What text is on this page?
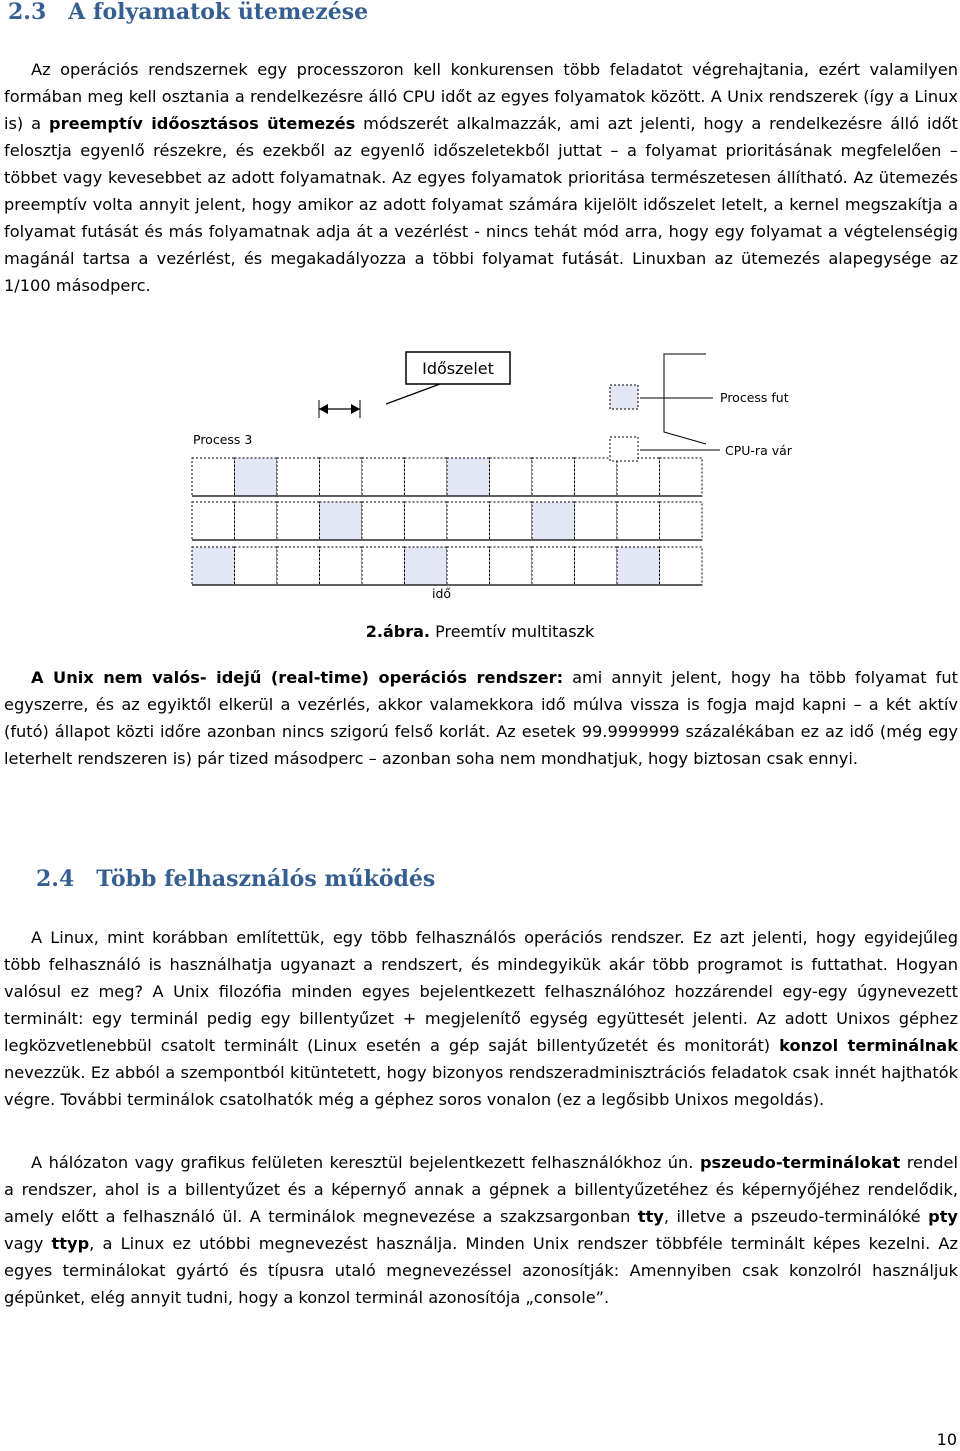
2.3 A folyamatok ütemezése

Az operációs rendszernek egy processzoron kell konkurensen több feladatot végrehajtania, ezért valamilyen formában meg kell osztania a rendelkezésre álló CPU időt az egyes folyamatok között. A Unix rendszerek (így a Linux is) a preemptív időosztásos ütemezés módszerét alkalmazzák, ami azt jelenti, hogy a rendelkezésre álló időt felosztja egyenlő részekre, és ezekből az egyenlő időszeletekből juttat – a folyamat prioritásának megfelelően – többet vagy kevesebbet az adott folyamatnak. Az egyes folyamatok prioritása természetesen állítható. Az ütemezés preemptív volta annyit jelent, hogy amikor az adott folyamat számára kijelölt időszelet letelt, a kernel megszakítja a folyamat futását és más folyamatnak adja át a vezérlést - nincs tehát mód arra, hogy egy folyamat a végtelenségig magánál tartsa a vezérlést, és megakadályozza a többi folyamat futását. Linuxban az ütemezés alapegysége az 1/100 másodperc.

Időszelet
Process 3
Process fut
CPU-ra vár
idő

2.ábra. Preemtív multitaszk

A Unix nem valós- idejű (real-time) operációs rendszer: ami annyit jelent, hogy ha több folyamat fut egyszerre, és az egyiktől elkerül a vezérlés, akkor valamekkora idő múlva vissza is fogja majd kapni – a két aktív (futó) állapot közti időre azonban nincs szigorú felső korlát. Az esetek 99.9999999 százalékában ez az idő (még egy leterhelt rendszeren is) pár tized másodperc – azonban soha nem mondhatjuk, hogy biztosan csak ennyi.

2.4 Több felhasználós működés

A Linux, mint korábban említettük, egy több felhasználós operációs rendszer. Ez azt jelenti, hogy egyidejűleg több felhasználó is használhatja ugyanazt a rendszert, és mindegyikük akár több programot is futtathat. Hogyan valósul ez meg? A Unix filozófia minden egyes bejelentkezett felhasználóhoz hozzárendel egy-egy úgynevezett terminált: egy terminál pedig egy billentyűzet + megjelenítő egység együttesét jelenti. Az adott Unixos géphez legközvetlenebbül csatolt terminált (Linux esetén a gép saját billentyűzetét és monitorát) konzol terminálnak nevezzük. Ez abból a szempontból kitüntetett, hogy bizonyos rendszeradminisztrációs feladatok csak innét hajthatók végre. További terminálok csatolhatók még a géphez soros vonalon (ez a legősibb Unixos megoldás).

A hálózaton vagy grafikus felületen keresztül bejelentkezett felhasználókhoz ún. pszeudo-terminálokat rendel a rendszer, ahol is a billentyűzet és a képernyő annak a gépnek a billentyűzetéhez és képernyőjéhez rendelődik, amely előtt a felhasználó ül. A terminálok megnevezése a szakzsargonban tty, illetve a pszeudo-terminálóké pty vagy ttyp, a Linux ez utóbbi megnevezést használja. Minden Unix rendszer többféle terminált képes kezelni. Az egyes terminálokat gyártó és típusra utaló megnevezéssel azonosítják: Amennyiben csak konzolról használjuk gépünket, elég annyit tudni, hogy a konzol terminál azonosítója „console”.

10
